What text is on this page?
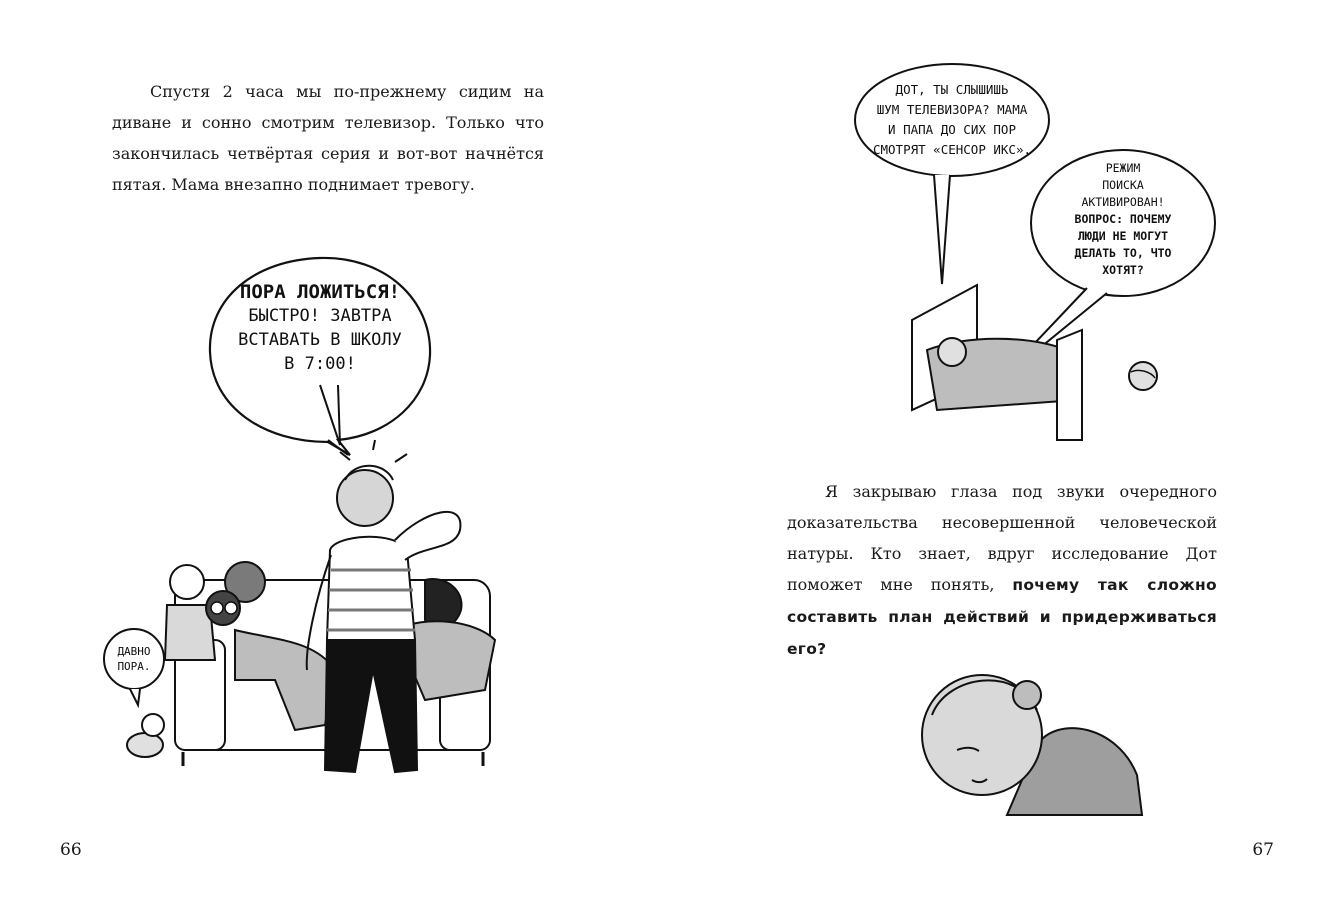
Спустя 2 часа мы по-прежнему сидим на диване и сонно смотрим телевизор. Только что закончилась четвёртая серия и вот-вот начнётся пятая. Мама внезапно поднимает тревогу.

ПОРА ЛОЖИТЬСЯ!
БЫСТРО! ЗАВТРА
ВСТАВАТЬ В ШКОЛУ
В 7:00!
ДАВНО
ПОРА.
66
ДОТ, ТЫ СЛЫШИШЬ
ШУМ ТЕЛЕВИЗОРА? МАМА
И ПАПА ДО СИХ ПОР
СМОТРЯТ «СЕНСОР ИКС».
РЕЖИМ
ПОИСКА
АКТИВИРОВАН!
ВОПРОС: ПОЧЕМУ
ЛЮДИ НЕ МОГУТ
ДЕЛАТЬ ТО, ЧТО
ХОТЯТ?

Я закрываю глаза под звуки очередного доказательства несовершенной человеческой натуры. Кто знает, вдруг исследование Дот поможет мне понять, почему так сложно составить план действий и придерживаться его?

67
